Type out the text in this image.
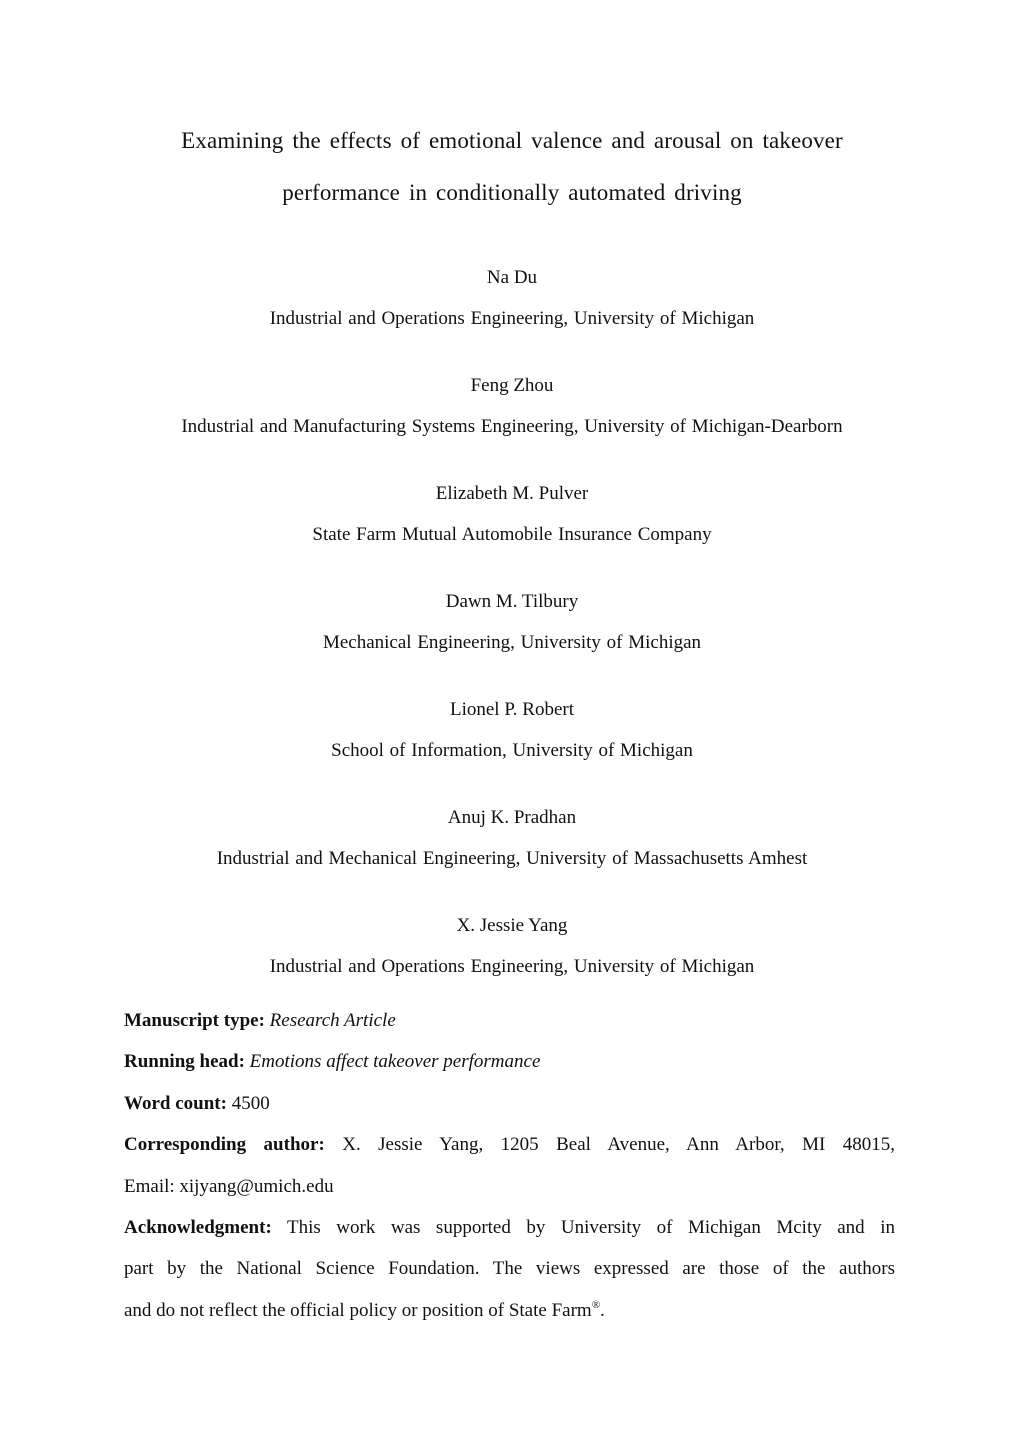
Examining the effects of emotional valence and arousal on takeover
performance in conditionally automated driving
Na Du
Industrial and Operations Engineering, University of Michigan
Feng Zhou
Industrial and Manufacturing Systems Engineering, University of Michigan-Dearborn
Elizabeth M. Pulver
State Farm Mutual Automobile Insurance Company
Dawn M. Tilbury
Mechanical Engineering, University of Michigan
Lionel P. Robert
School of Information, University of Michigan
Anuj K. Pradhan
Industrial and Mechanical Engineering, University of Massachusetts Amhest
X. Jessie Yang
Industrial and Operations Engineering, University of Michigan
Manuscript type: Research Article
Running head: Emotions affect takeover performance
Word count: 4500
Corresponding author: X. Jessie Yang, 1205 Beal Avenue, Ann Arbor, MI 48015,
Email: xijyang@umich.edu
Acknowledgment: This work was supported by University of Michigan Mcity and in
part by the National Science Foundation. The views expressed are those of the authors
and do not reflect the official policy or position of State Farm®.
